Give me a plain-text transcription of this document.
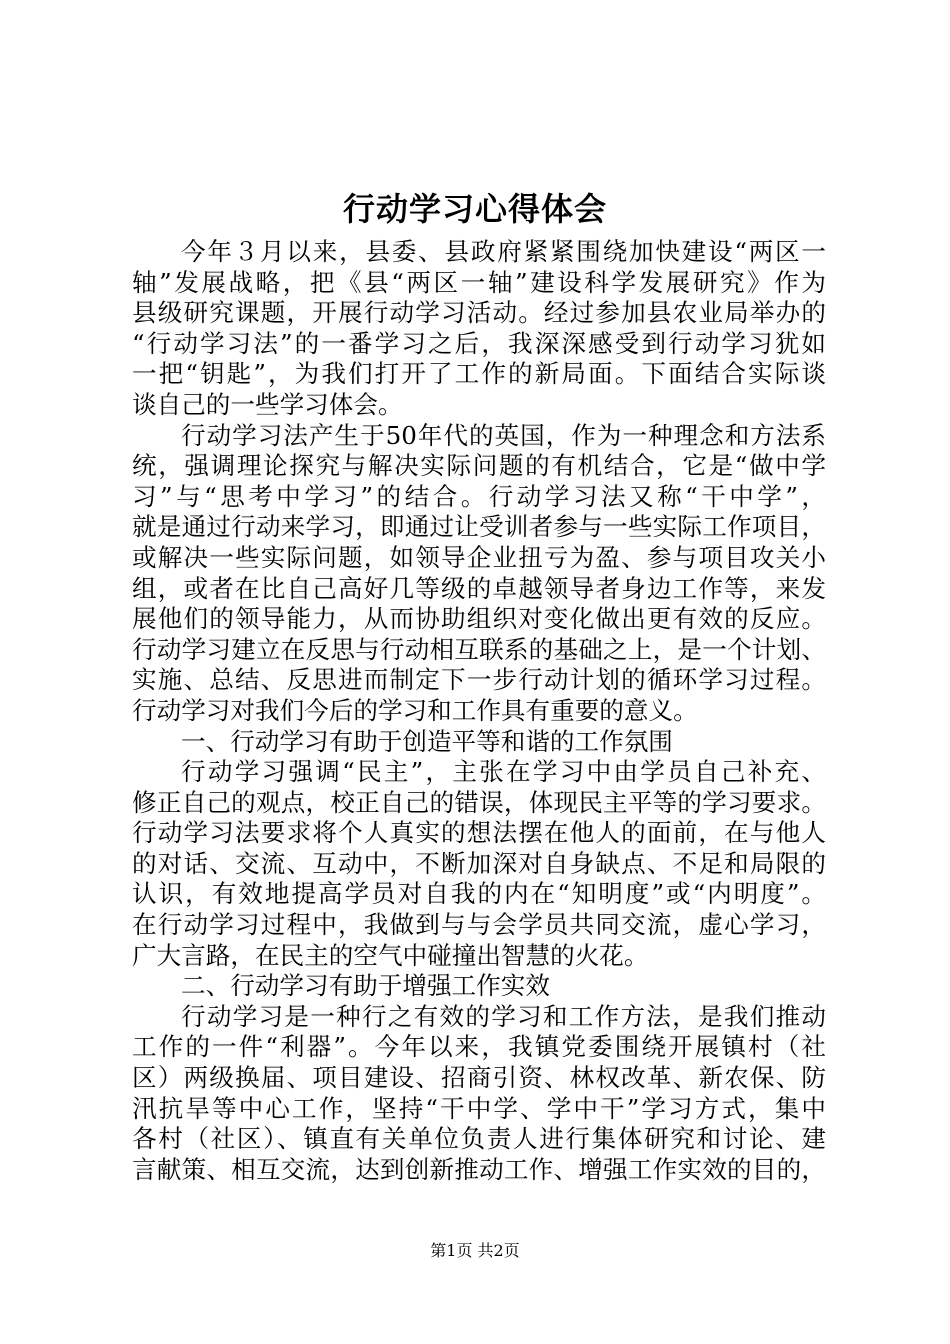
行动学习心得体会
今年３月以来，县委、县政府紧紧围绕加快建设“两区一
轴”发展战略，把《县“两区一轴”建设科学发展研究》作为
县级研究课题，开展行动学习活动。经过参加县农业局举办的
“行动学习法”的一番学习之后，我深深感受到行动学习犹如
一把“钥匙”，为我们打开了工作的新局面。下面结合实际谈
谈自己的一些学习体会。
行动学习法产生于50年代的英国，作为一种理念和方法系
统，强调理论探究与解决实际问题的有机结合，它是“做中学
习”与“思考中学习”的结合。行动学习法又称“干中学”，
就是通过行动来学习，即通过让受训者参与一些实际工作项目，
或解决一些实际问题，如领导企业扭亏为盈、参与项目攻关小
组，或者在比自己高好几等级的卓越领导者身边工作等，来发
展他们的领导能力，从而协助组织对变化做出更有效的反应。
行动学习建立在反思与行动相互联系的基础之上，是一个计划、
实施、总结、反思进而制定下一步行动计划的循环学习过程。
行动学习对我们今后的学习和工作具有重要的意义。
一、行动学习有助于创造平等和谐的工作氛围
行动学习强调“民主”，主张在学习中由学员自己补充、
修正自己的观点，校正自己的错误，体现民主平等的学习要求。
行动学习法要求将个人真实的想法摆在他人的面前，在与他人
的对话、交流、互动中，不断加深对自身缺点、不足和局限的
认识，有效地提高学员对自我的内在“知明度”或“内明度”。
在行动学习过程中，我做到与与会学员共同交流，虚心学习，
广大言路，在民主的空气中碰撞出智慧的火花。
二、行动学习有助于增强工作实效
行动学习是一种行之有效的学习和工作方法，是我们推动
工作的一件“利器”。今年以来，我镇党委围绕开展镇村（社
区）两级换届、项目建设、招商引资、林权改革、新农保、防
汛抗旱等中心工作，坚持“干中学、学中干”学习方式，集中
各村（社区）、镇直有关单位负责人进行集体研究和讨论、建
言献策、相互交流，达到创新推动工作、增强工作实效的目的，
第1页 共2页
